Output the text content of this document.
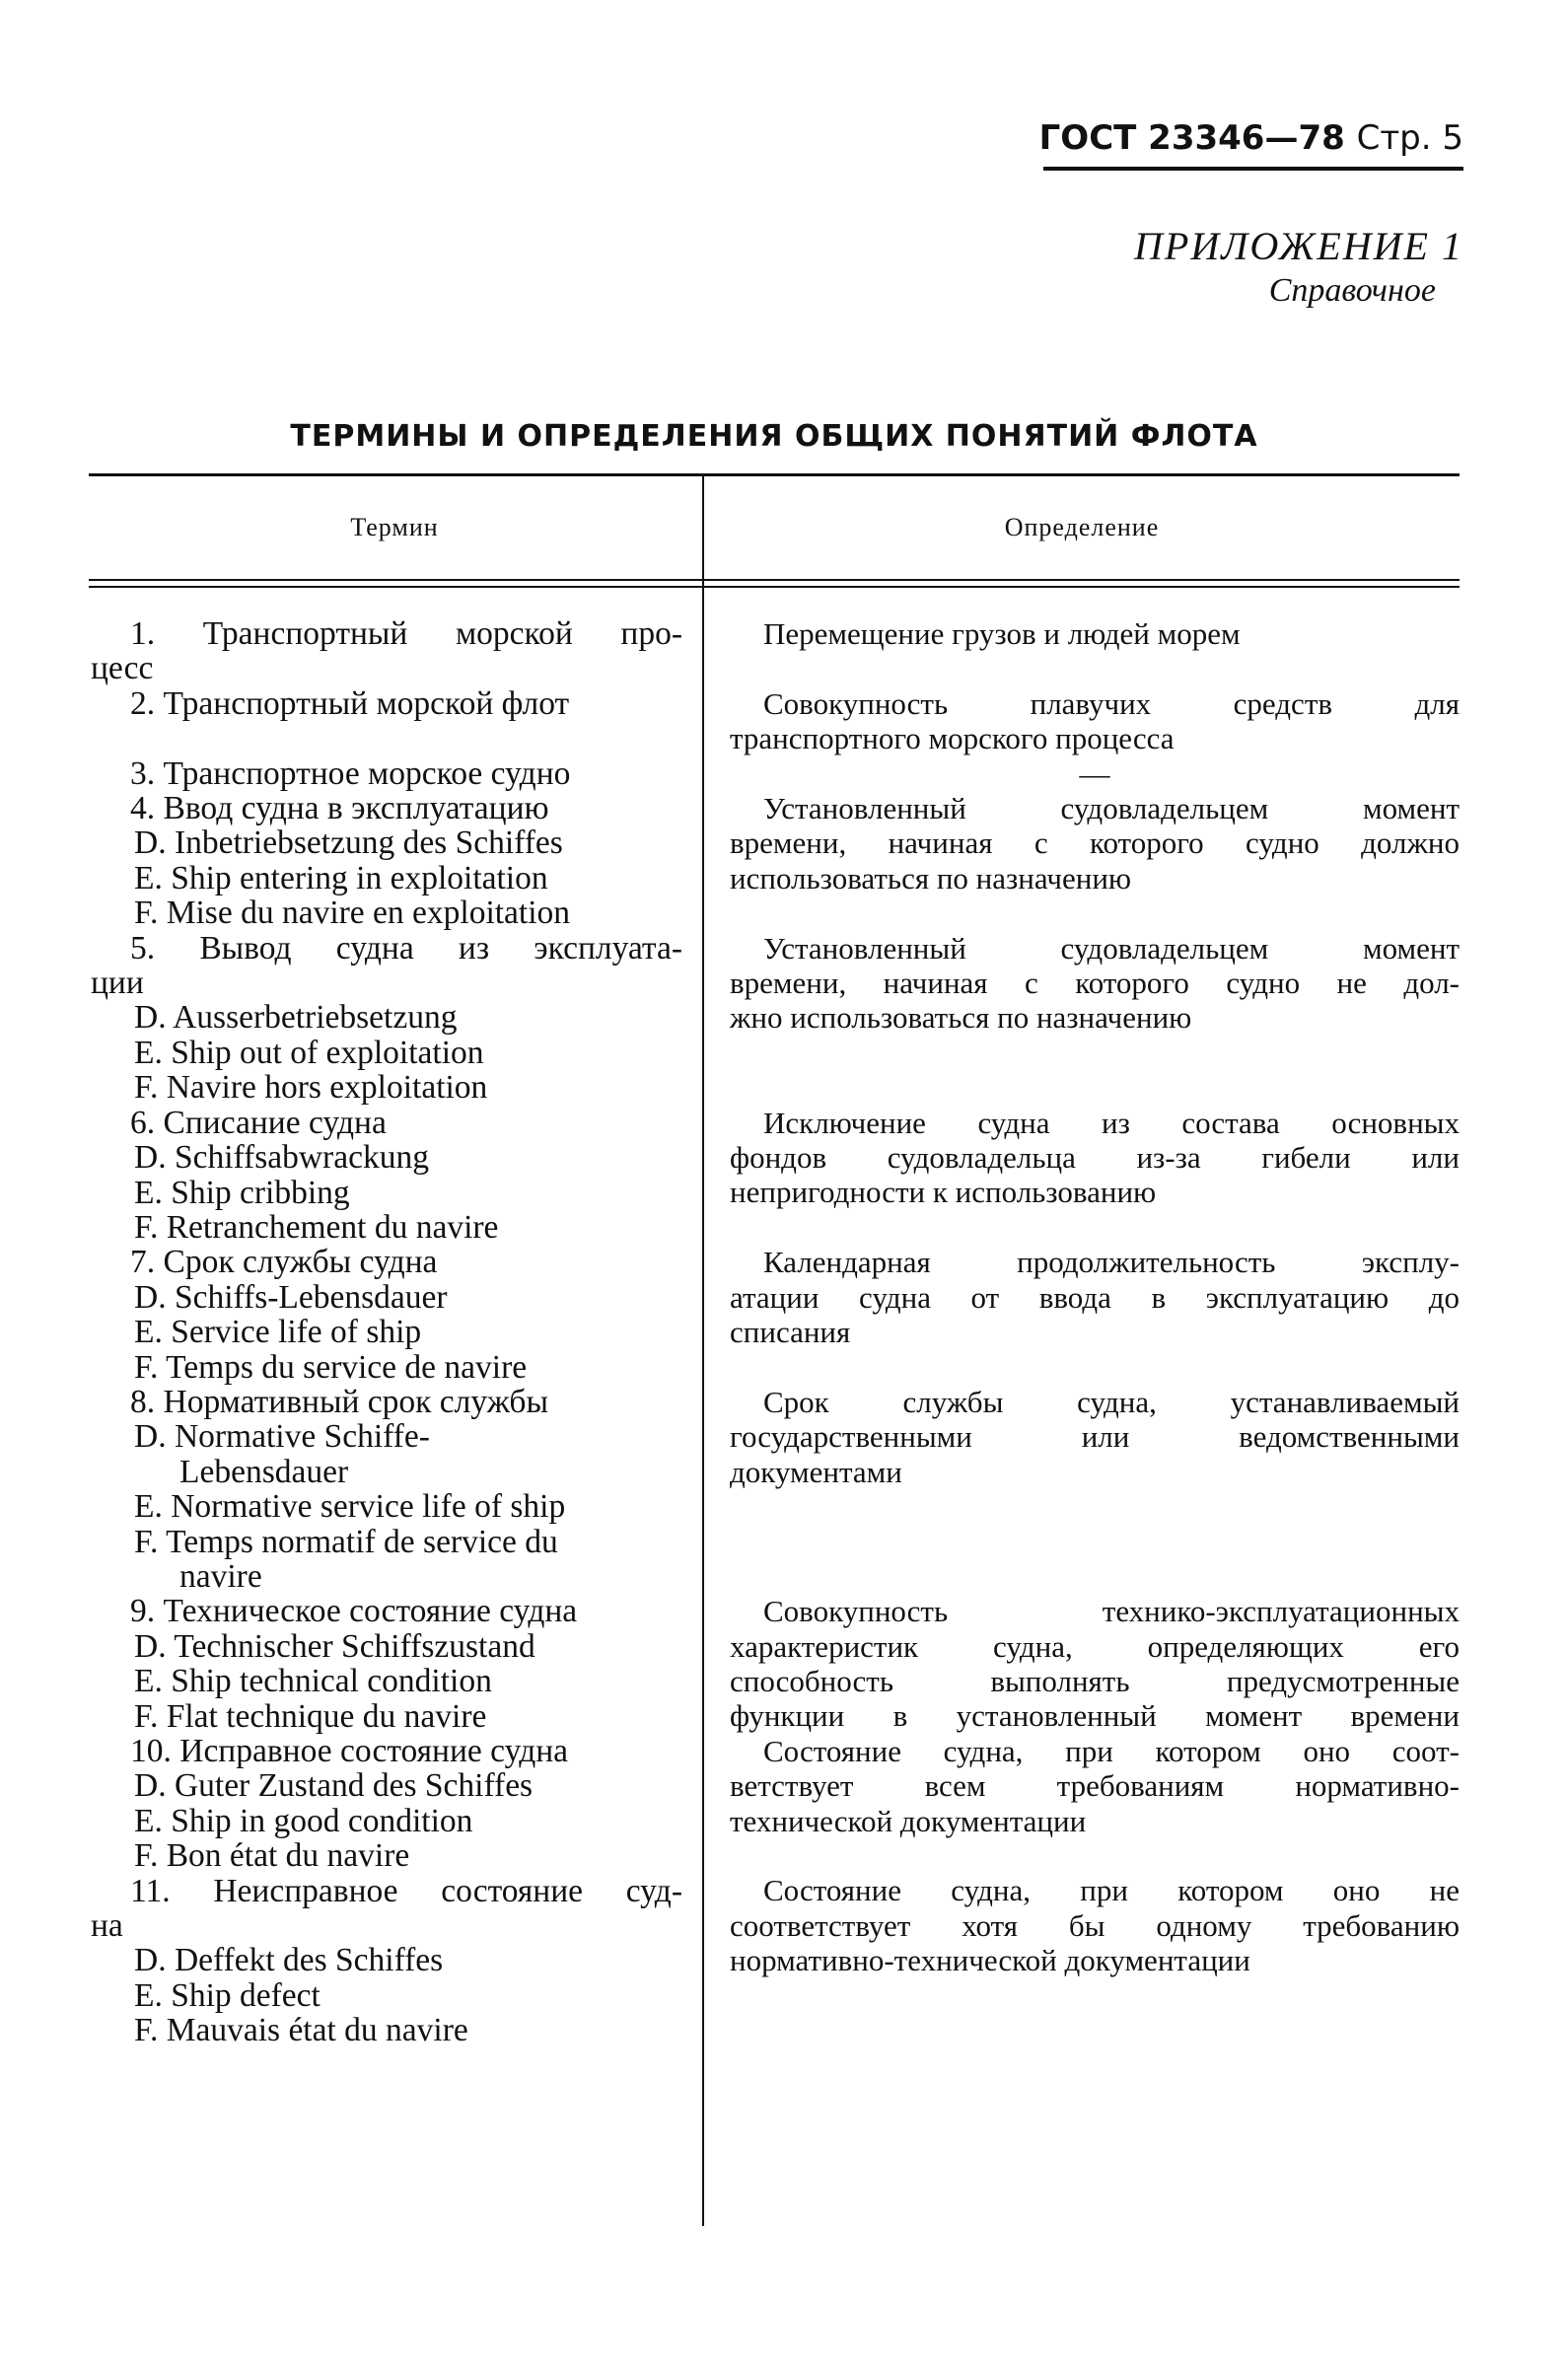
ГОСТ 23346—78 Стр. 5
ПРИЛОЖЕНИЕ 1
Справочное
ТЕРМИНЫ И ОПРЕДЕЛЕНИЯ ОБЩИХ ПОНЯТИЙ ФЛОТА
Термин	Определение
1. Транспортный морской про-
цесс
2. Транспортный морской флот

3. Транспортное морское судно
4. Ввод судна в эксплуатацию
D. Inbetriebsetzung des Schiffes
E. Ship entering in exploitation
F. Mise du navire en exploitation
5. Вывод судна из эксплуата-
ции
D. Ausserbetriebsetzung
E. Ship out of exploitation
F. Navire hors exploitation
6. Списание судна
D. Schiffsabwrackung
E. Ship cribbing
F. Retranchement du navire
7. Срок службы судна
D. Schiffs-Lebensdauer
E. Service life of ship
F. Temps du service de navire
8. Нормативный срок службы
D. Normative Schiffe-
Lebensdauer
E. Normative service life of ship
F. Temps normatif de service du
navire
9. Техническое состояние судна
D. Technischer Schiffszustand
E. Ship technical condition
F. Flat technique du navire
10. Исправное состояние судна
D. Guter Zustand des Schiffes
E. Ship in good condition
F. Bon état du navire
11. Неисправное состояние суд-
на
D. Deffekt des Schiffes
E. Ship defect
F. Mauvais état du navire
Перемещение грузов и людей морем
Совокупность плавучих средств для
транспортного морского процесса
—
Установленный судовладельцем момент
времени, начиная с которого судно должно
использоваться по назначению
Установленный судовладельцем момент
времени, начиная с которого судно не дол-
жно использоваться по назначению
Исключение судна из состава основных
фондов судовладельца из-за гибели или
непригодности к использованию
Календарная продолжительность эксплу-
атации судна от ввода в эксплуатацию до
списания
Срок службы судна, устанавливаемый
государственными или ведомственными
документами
Совокупность технико-эксплуатационных
характеристик судна, определяющих его
способность выполнять предусмотренные
функции в установленный момент времени
Состояние судна, при котором оно соот-
ветствует всем требованиям нормативно-
технической документации
Состояние судна, при котором оно не
соответствует хотя бы одному требованию
нормативно-технической документации
